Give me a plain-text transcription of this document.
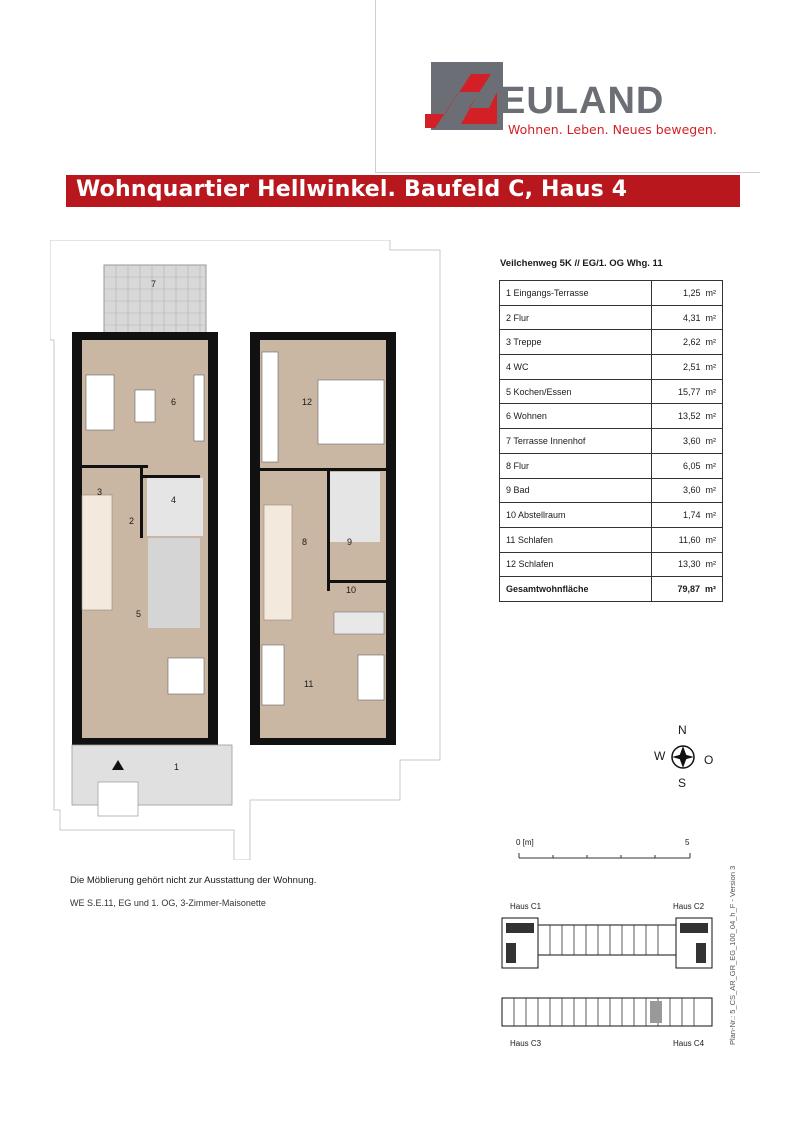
EULAND
Wohnen. Leben. Neues bewegen.
Wohnquartier Hellwinkel. Baufeld C, Haus 4
7
6
3
4
2
5
1
12
8	9
10
11
Veilchenweg 5K // EG/1. OG Whg. 11
1 Eingangs-Terrasse	1,25 m²
2 Flur	4,31 m²
3 Treppe	2,62 m²
4 WC	2,51 m²
5 Kochen/Essen	15,77 m²
6 Wohnen	13,52 m²
7 Terrasse Innenhof	3,60 m²
8 Flur	6,05 m²
9 Bad	3,60 m²
10 Abstellraum	1,74 m²
11 Schlafen	11,60 m²
12 Schlafen	13,30 m²
Gesamtwohnfläche	79,87 m²
N
W	O
S
0 [m]	5
Haus C1	Haus C2
Haus C3	Haus C4
Die Möblierung gehört nicht zur Ausstattung der Wohnung.
WE S.E.11, EG und 1. OG, 3-Zimmer-Maisonette	Plan-Nr.: 5_CS_AR_GR_EG_100_04_h_F - Version 3
